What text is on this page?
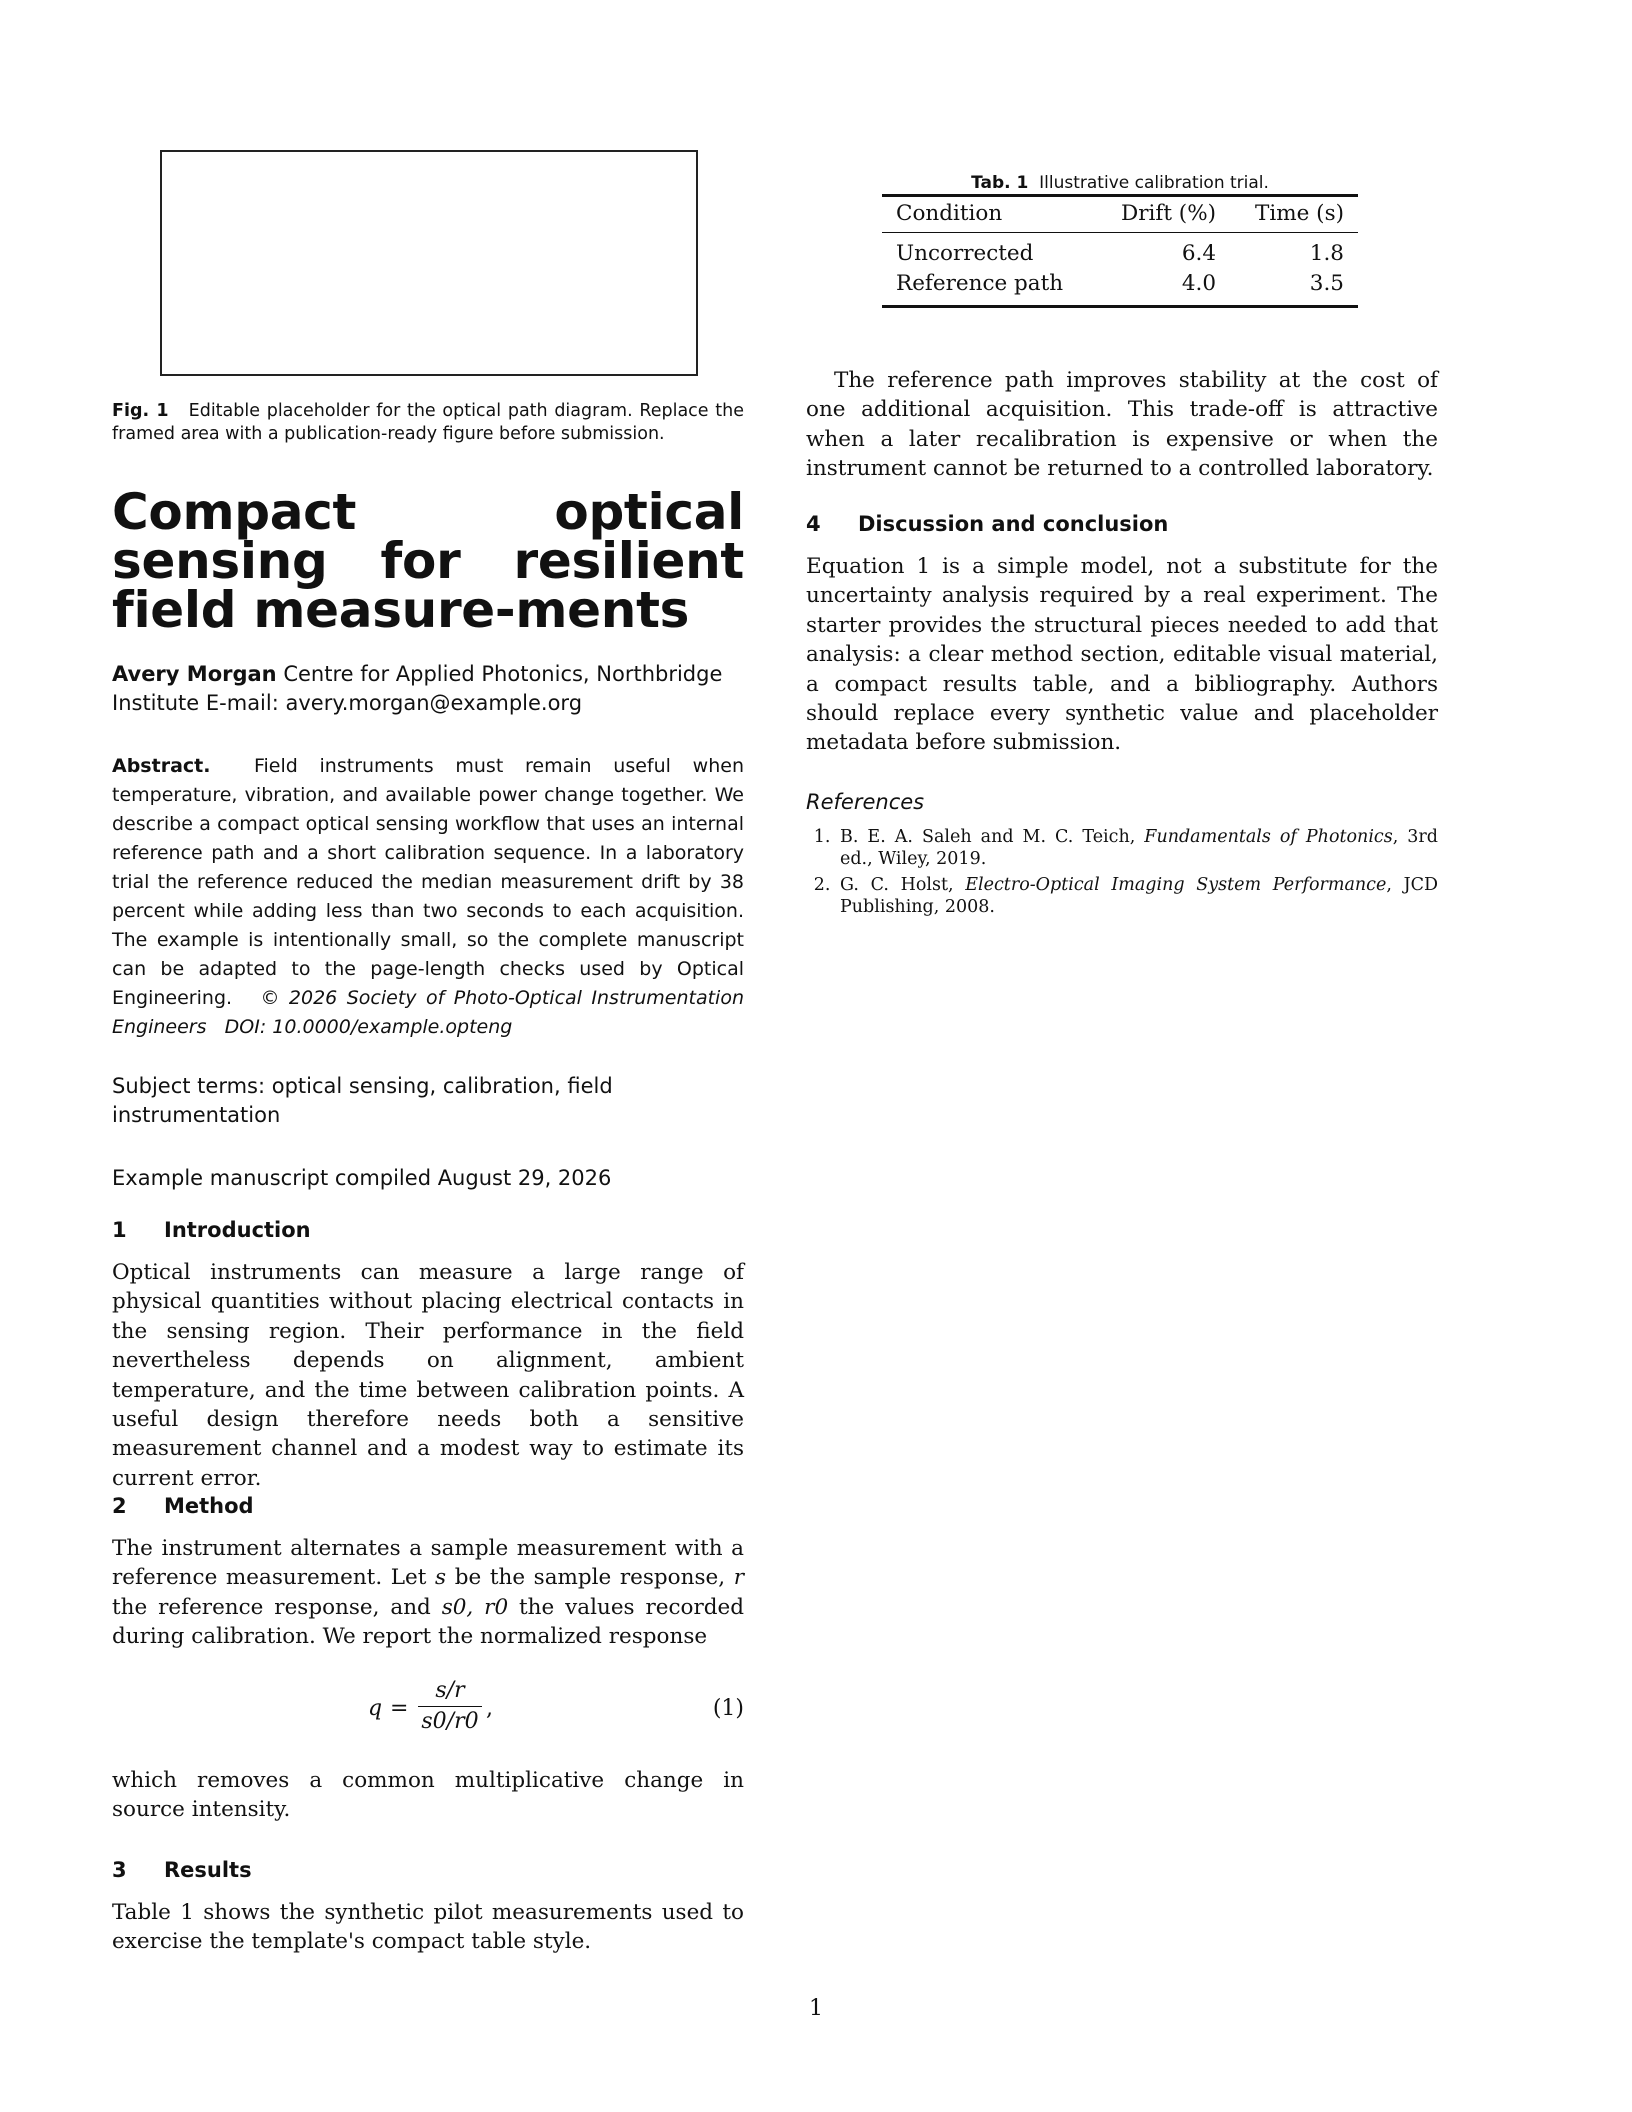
Fig. 1 Editable placeholder for the optical path diagram. Replace the framed area with a publication-ready figure before submission.
Compact optical sensing for resilient field measure-ments
Avery Morgan Centre for Applied Photonics, Northbridge Institute E-mail: avery.morgan@example.org

Abstract. Field instruments must remain useful when temperature, vibration, and available power change together. We describe a compact optical sensing workflow that uses an internal reference path and a short calibration sequence. In a laboratory trial the reference reduced the median measurement drift by 38 percent while adding less than two seconds to each acquisition. The example is intentionally small, so the complete manuscript can be adapted to the page-length checks used by Optical Engineering. © 2026 Society of Photo-Optical Instrumentation Engineers DOI: 10.0000/example.opteng

Subject terms: optical sensing, calibration, field instrumentation
Example manuscript compiled August 29, 2026
1 Introduction

Optical instruments can measure a large range of physical quantities without placing electrical contacts in the sensing region. Their performance in the field nevertheless depends on alignment, ambient temperature, and the time between calibration points. A useful design therefore needs both a sensitive measurement channel and a modest way to estimate its current error.

2 Method

The instrument alternates a sample measurement with a reference measurement. Let s be the sample response, r the reference response, and s0, r0 the values recorded during calibration. We report the normalized response

q =
s/r
s0/r0
,	(1)

which removes a common multiplicative change in source intensity.

3 Results

Table 1 shows the synthetic pilot measurements used to exercise the template's compact table style.

Tab. 1 Illustrative calibration trial.
Condition	Drift (%)	Time (s)
Uncorrected	6.4	1.8
Reference path	4.0	3.5

The reference path improves stability at the cost of one additional acquisition. This trade-off is attractive when a later recalibration is expensive or when the instrument cannot be returned to a controlled laboratory.

4 Discussion and conclusion

Equation 1 is a simple model, not a substitute for the uncertainty analysis required by a real experiment. The starter provides the structural pieces needed to add that analysis: a clear method section, editable visual material, a compact results table, and a bibliography. Authors should replace every synthetic value and placeholder metadata before submission.

References
1. B. E. A. Saleh and M. C. Teich, Fundamentals of Photonics, 3rd ed., Wiley, 2019.
2. G. C. Holst, Electro-Optical Imaging System Performance, JCD Publishing, 2008.
1
